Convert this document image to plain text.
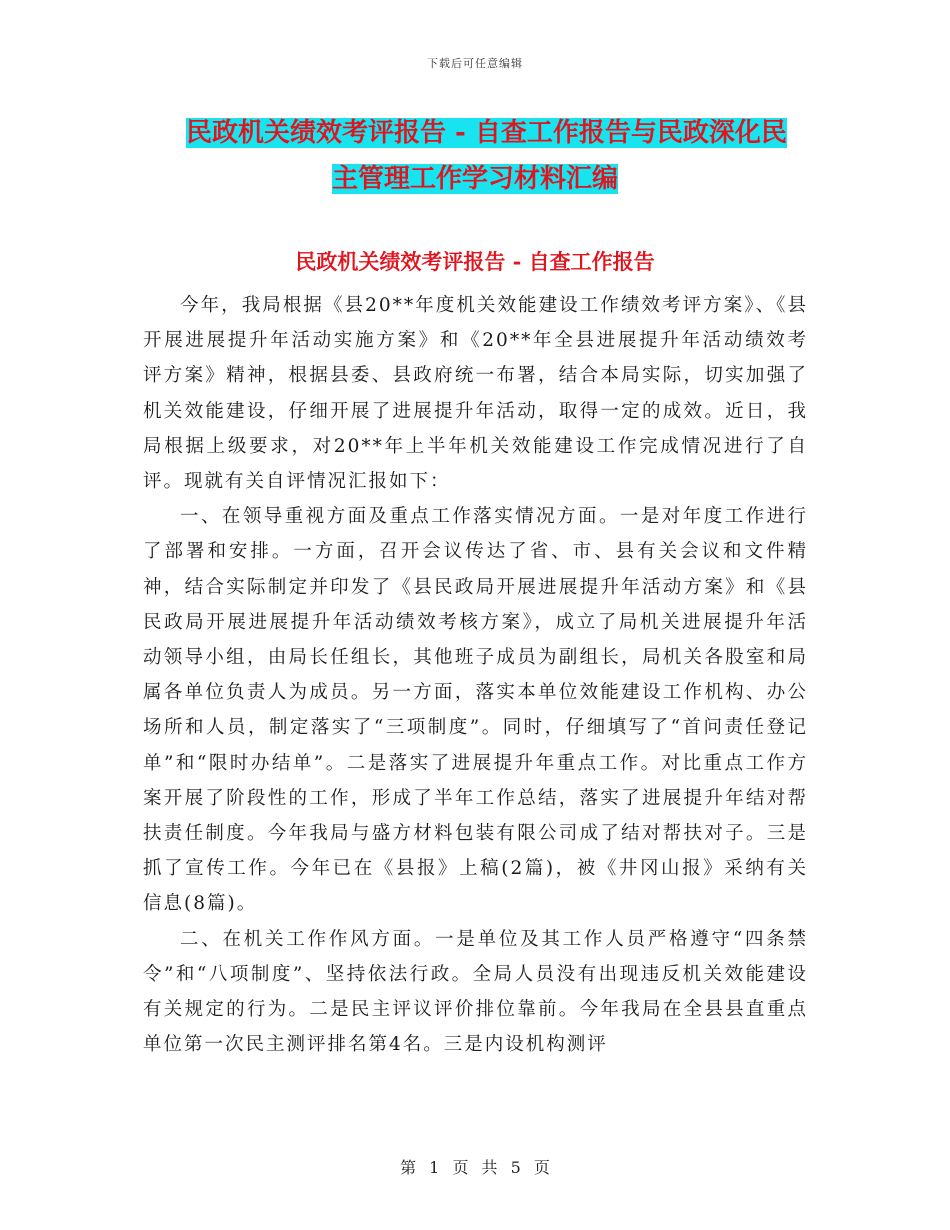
下载后可任意编辑
民政机关绩效考评报告 - 自查工作报告与民政深化民
主管理工作学习材料汇编
民政机关绩效考评报告 - 自查工作报告

今年，我局根据《县20**年度机关效能建设工作绩效考评方案》、《县开展进展提升年活动实施方案》和《20**年全县进展提升年活动绩效考评方案》精神，根据县委、县政府统一布署，结合本局实际，切实加强了机关效能建设，仔细开展了进展提升年活动，取得一定的成效。近日，我局根据上级要求，对20**年上半年机关效能建设工作完成情况进行了自评。现就有关自评情况汇报如下：

一、在领导重视方面及重点工作落实情况方面。一是对年度工作进行了部署和安排。一方面，召开会议传达了省、市、县有关会议和文件精神，结合实际制定并印发了《县民政局开展进展提升年活动方案》和《县民政局开展进展提升年活动绩效考核方案》，成立了局机关进展提升年活动领导小组，由局长任组长，其他班子成员为副组长，局机关各股室和局属各单位负责人为成员。另一方面，落实本单位效能建设工作机构、办公场所和人员，制定落实了“三项制度”。同时，仔细填写了“首问责任登记单”和“限时办结单”。二是落实了进展提升年重点工作。对比重点工作方案开展了阶段性的工作，形成了半年工作总结，落实了进展提升年结对帮扶责任制度。今年我局与盛方材料包装有限公司成了结对帮扶对子。三是抓了宣传工作。今年已在《县报》上稿(2篇)，被《井冈山报》采纳有关信息(8篇)。

二、在机关工作作风方面。一是单位及其工作人员严格遵守“四条禁令”和“八项制度”、坚持依法行政。全局人员没有出现违反机关效能建设有关规定的行为。二是民主评议评价排位靠前。今年我局在全县县直重点单位第一次民主测评排名第4名。三是内设机构测评

第 1 页 共 5 页
